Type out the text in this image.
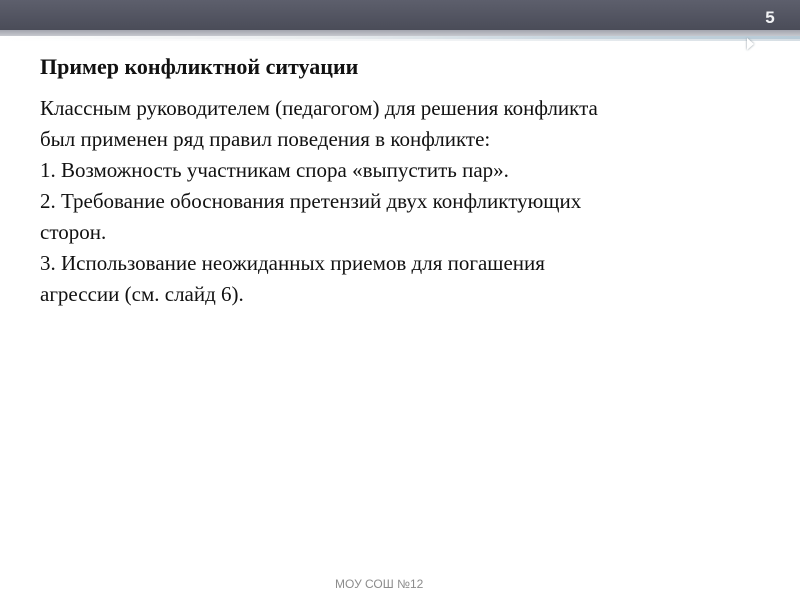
5
Пример конфликтной ситуации
Классным руководителем (педагогом) для решения конфликта
был применен ряд правил поведения в конфликте:
1. Возможность участникам спора «выпустить пар».
2. Требование обоснования претензий двух конфликтующих
сторон.
3. Использование неожиданных приемов для погашения
агрессии (см. слайд 6).
МОУ СОШ №12
